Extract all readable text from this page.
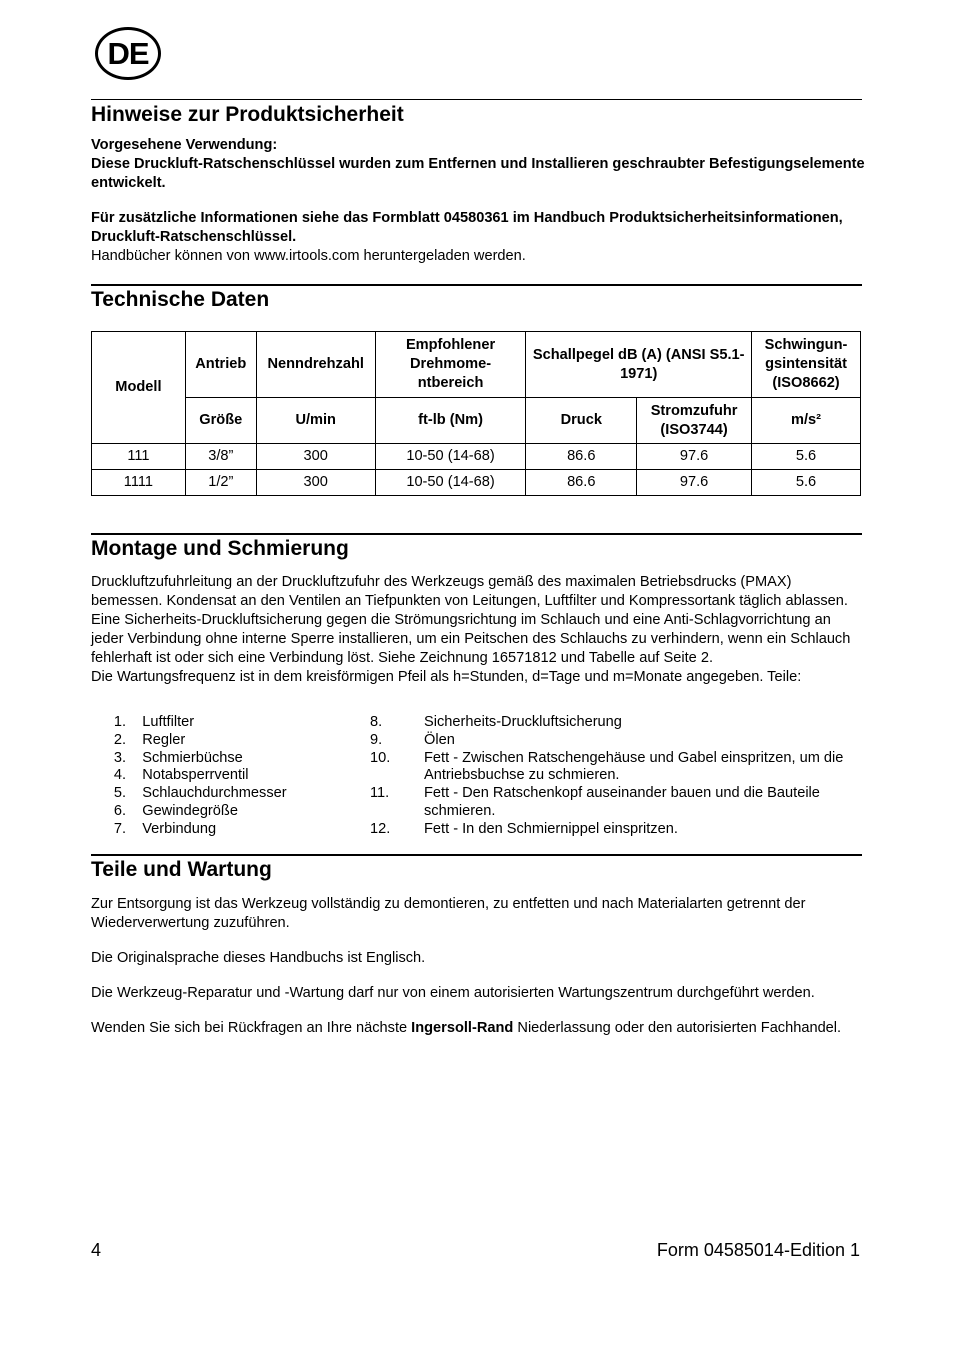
DE
Hinweise zur Produktsicherheit

Vorgesehene Verwendung:

Diese Druckluft-Ratschenschlüssel wurden zum Entfernen und Installieren geschraubter Befestigungselemente entwickelt.

Für zusätzliche Informationen siehe das Formblatt 04580361 im Handbuch Produktsicherheitsinformationen, Druckluft-Ratschenschlüssel.

Handbücher können von www.irtools.com heruntergeladen werden.

Technische Daten
Modell	Antrieb	Nenndrehzahl	Empfohlener Drehmome-ntbereich	Schallpegel dB (A) (ANSI S5.1-1971)		Schwingun-gsintensität (ISO8662)
	Größe	U/min	ft-lb (Nm)	Druck	Stromzufuhr (ISO3744)	m/s²
111	3/8”	300	10-50 (14-68)	86.6	97.6	5.6
1111	1/2”	300	10-50 (14-68)	86.6	97.6	5.6
Montage und Schmierung

Druckluftzufuhrleitung an der Druckluftzufuhr des Werkzeugs gemäß des maximalen Betriebsdrucks (PMAX) bemessen. Kondensat an den Ventilen an Tiefpunkten von Leitungen, Luftfilter und Kompressortank täglich ablassen. Eine Sicherheits-Druckluftsicherung gegen die Strömungsrichtung im Schlauch und eine Anti-Schlagvorrichtung an jeder Verbindung ohne interne Sperre installieren, um ein Peitschen des Schlauchs zu verhindern, wenn ein Schlauch fehlerhaft ist oder sich eine Verbindung löst. Siehe Zeichnung 16571812 und Tabelle auf Seite 2.

Die Wartungsfrequenz ist in dem kreisförmigen Pfeil als h=Stunden, d=Tage und m=Monate angegeben. Teile:

1.
Luftfilter
2.
Regler
3.
Schmierbüchse
4.
Notabsperrventil
5.
Schlauchdurchmesser
6.
Gewindegröße
7.
Verbindung
8.	Sicherheits-Druckluftsicherung
9.	Ölen
10.	Fett - Zwischen Ratschengehäuse und Gabel einspritzen, um die Antriebsbuchse zu schmieren.
11.	Fett - Den Ratschenkopf auseinander bauen und die Bauteile schmieren.
12.	Fett - In den Schmiernippel einspritzen.
Teile und Wartung

Zur Entsorgung ist das Werkzeug vollständig zu demontieren, zu entfetten und nach Materialarten getrennt der Wiederverwertung zuzuführen.

Die Originalsprache dieses Handbuchs ist Englisch.

Die Werkzeug-Reparatur und -Wartung darf nur von einem autorisierten Wartungszentrum durchgeführt werden.

Wenden Sie sich bei Rückfragen an Ihre nächste Ingersoll-Rand Niederlassung oder den autorisierten Fachhandel.

4	Form 04585014-Edition 1
